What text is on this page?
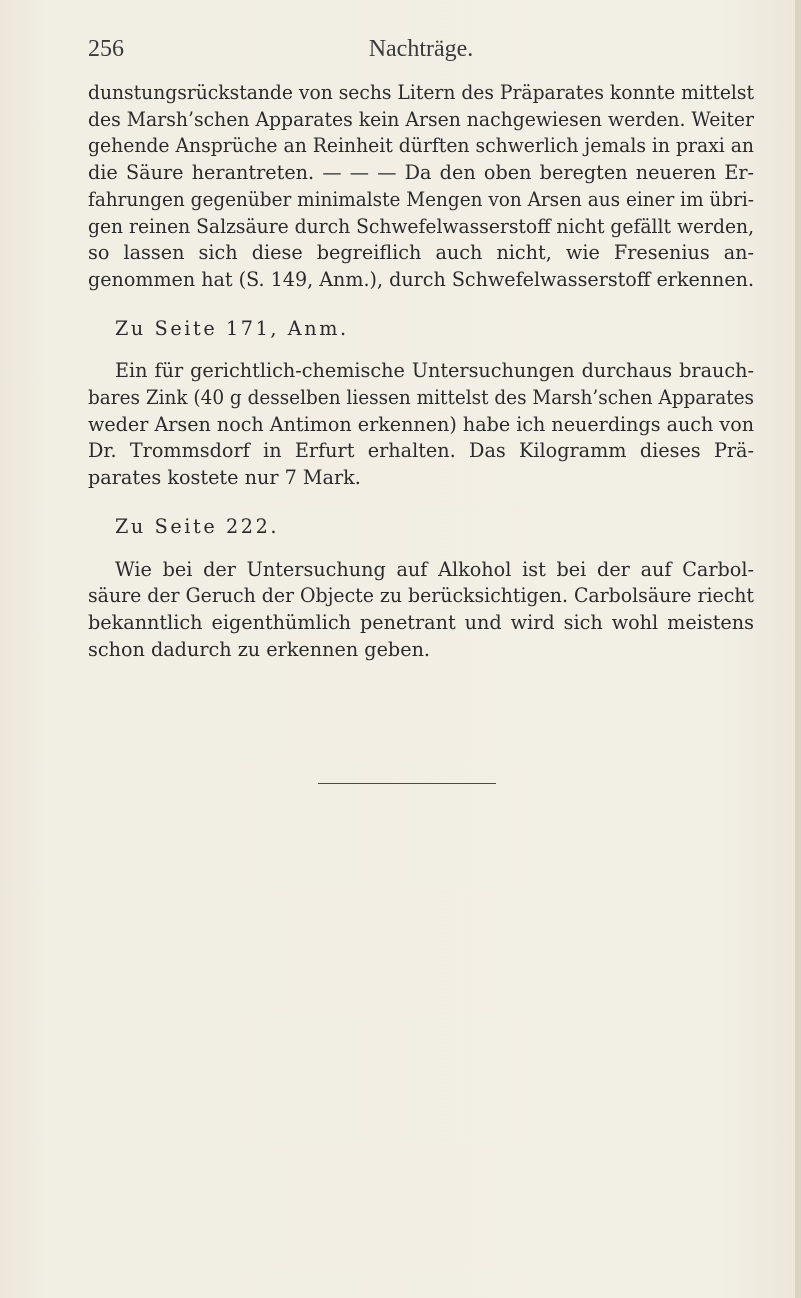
256	Nachträge.

dunstungsrückstande von sechs Litern des Präparates konnte mittelst
des Marsh’schen Apparates kein Arsen nachgewiesen werden. Weiter
gehende Ansprüche an Reinheit dürften schwerlich jemals in praxi an
die Säure herantreten. — — — Da den oben beregten neueren Er-
fahrungen gegenüber minimalste Mengen von Arsen aus einer im übri-
gen reinen Salzsäure durch Schwefelwasserstoff nicht gefällt werden,
so lassen sich diese begreiflich auch nicht, wie Fresenius an-
genommen hat (S. 149, Anm.), durch Schwefelwasserstoff erkennen.

Zu Seite 171, Anm.

Ein für gerichtlich-chemische Untersuchungen durchaus brauch-
bares Zink (40 g desselben liessen mittelst des Marsh’schen Apparates
weder Arsen noch Antimon erkennen) habe ich neuerdings auch von
Dr. Trommsdorf in Erfurt erhalten. Das Kilogramm dieses Prä-
parates kostete nur 7 Mark.

Zu Seite 222.

Wie bei der Untersuchung auf Alkohol ist bei der auf Carbol-
säure der Geruch der Objecte zu berücksichtigen. Carbolsäure riecht
bekanntlich eigenthümlich penetrant und wird sich wohl meistens
schon dadurch zu erkennen geben.
